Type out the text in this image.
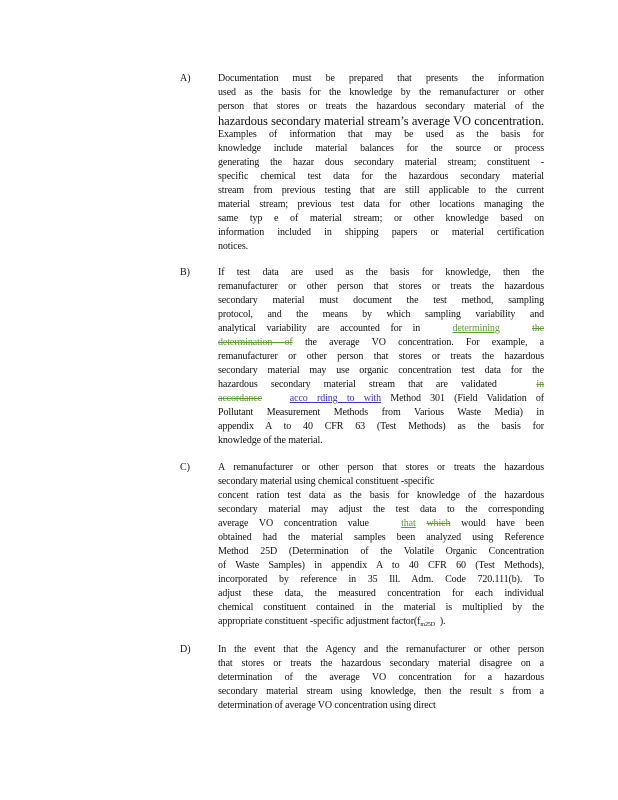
A)	Documentation must be prepared that presents the information
used as the basis for the knowledge by the remanufacturer or other
person that stores or treats the hazardous secondary material of the
hazardous secondary material stream’s average VO concentration.
Examples of information that may be used as the basis for
knowledge include material balances for the source or process
generating the hazar dous secondary material stream; constituent -
specific chemical test data for the hazardous secondary material
stream from previous testing that are still applicable to the current
material stream; previous test data for other locations managing the
same typ e of material stream; or other knowledge based on
information included in shipping papers or material certification
notices.
B)	If test data are used as the basis for knowledge, then the
remanufacturer or other person that stores or treats the hazardous
secondary material must document the test method, sampling
protocol, and the means by which sampling variability and
analytical variability are accounted for in	determining	the
determination of the average VO concentration. For example, a
remanufacturer or other person that stores or treats the hazardous
secondary material may use organic concentration test data for the
hazardous secondary material stream that are validated	in
accordance	acco rding to with Method 301 (Field Validation of
Pollutant Measurement Methods from Various Waste Media) in
appendix A to 40 CFR 63 (Test Methods) as the basis for
knowledge of the material.
C)	A remanufacturer or other person that stores or treats the hazardous
secondary material using chemical constituent -specific
concent ration test data as the basis for knowledge of the hazardous
secondary material may adjust the test data to the corresponding
average VO concentration value	that which would have been
obtained had the material samples been analyzed using Reference
Method 25D (Determination of the Volatile Organic Concentration
of Waste Samples) in appendix A to 40 CFR 60 (Test Methods),
incorporated by reference in 35 Ill. Adm. Code 720.111(b). To
adjust these data, the measured concentration for each individual
chemical constituent contained in the material is multiplied by the
appropriate constituent -specific adjustment $factor(f_{m25D}$ ).
D)	In the event that the Agency and the remanufacturer or other person
that stores or treats the hazardous secondary material disagree on a
determination of the average VO concentration for a hazardous
secondary material stream using knowledge, then the result s from a
determination of average VO concentration using direct
